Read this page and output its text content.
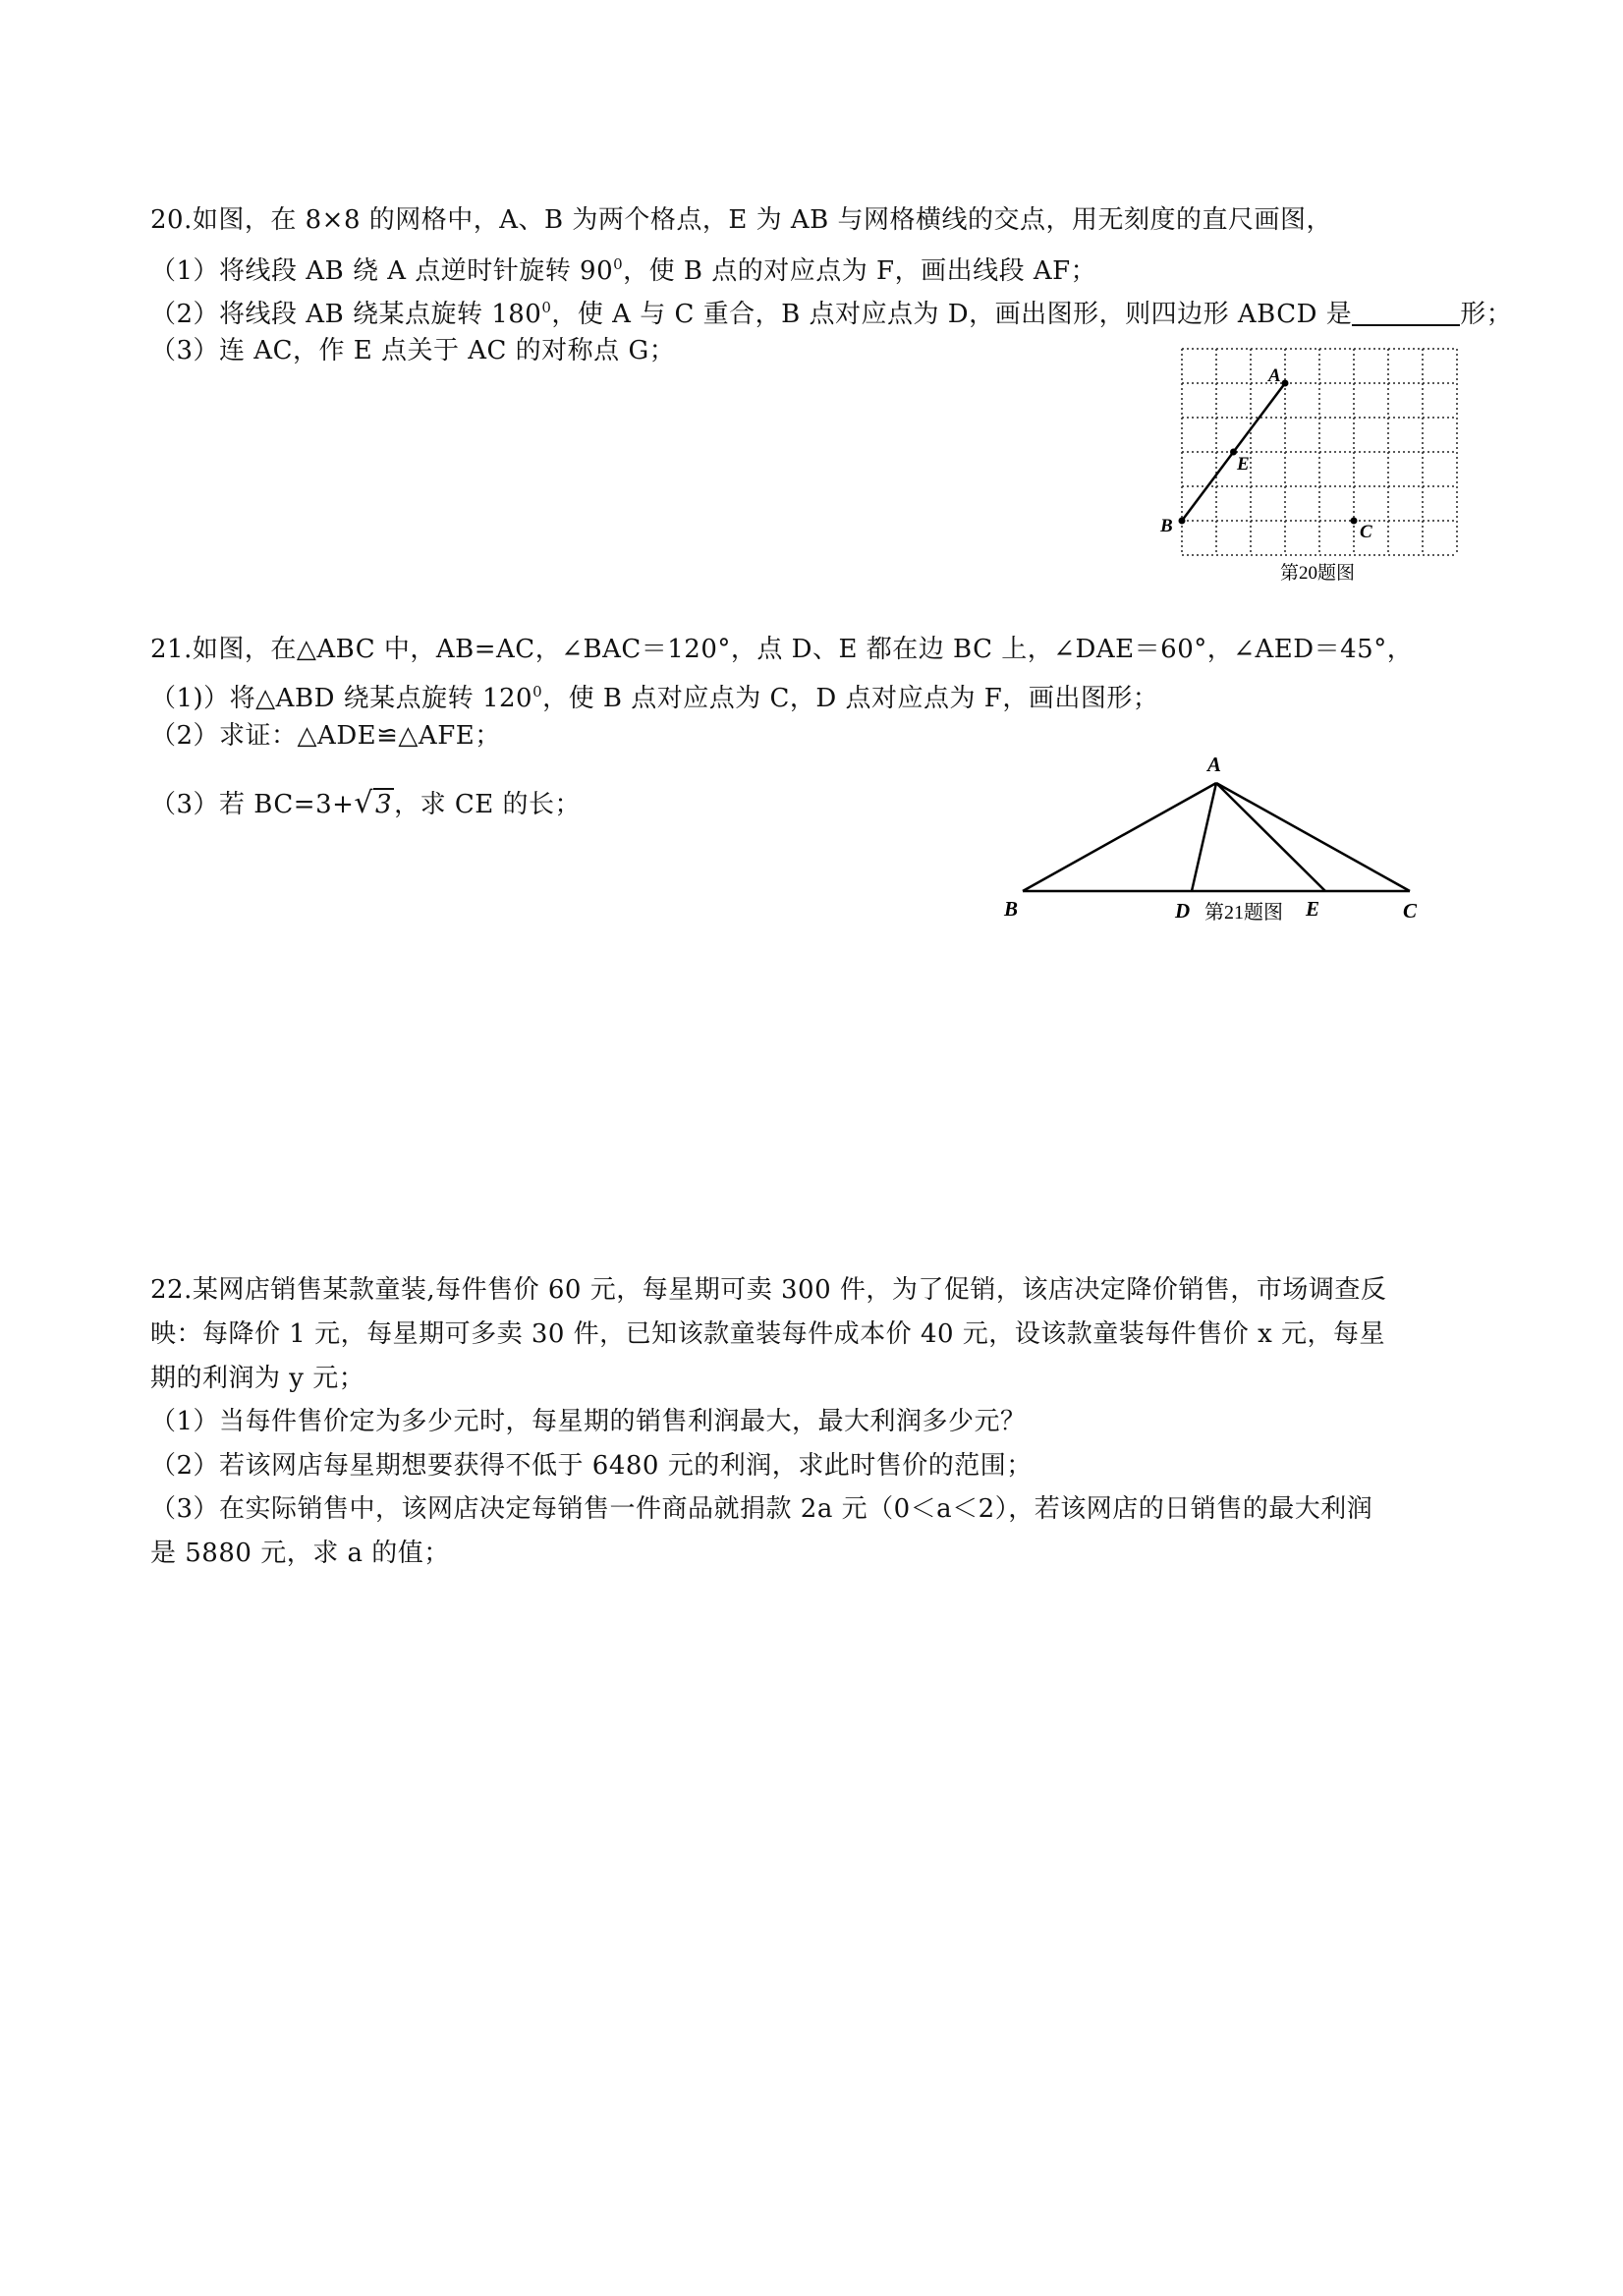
20.如图，在 8×8 的网格中，A、B 为两个格点，E 为 AB 与网格横线的交点，用无刻度的直尺画图，
（1）将线段 AB 绕 A 点逆时针旋转 $90^0$，使 B 点的对应点为 F，画出线段 AF；
（2）将线段 AB 绕某点旋转 $180^0$，使 A 与 C 重合，B 点对应点为 D，画出图形，则四边形 ABCD 是	形；
（3）连 AC，作 E 点关于 AC 的对称点 G；
A
E
B	C
第20题图
21.如图，在△ABC 中，AB=AC，∠BAC＝120°，点 D、E 都在边 BC 上，∠DAE＝60°，∠AED＝45°，
（1)）将△ABD 绕某点旋转 $120^0$，使 B 点对应点为 C，D 点对应点为 F，画出图形；
（2）求证：△ADE≌△AFE；
（3）若 BC=3+√3，求 CE 的长；
A
B	D 第21题图 E	C
22.某网店销售某款童装,每件售价 60 元，每星期可卖 300 件，为了促销，该店决定降价销售，市场调查反
映：每降价 1 元，每星期可多卖 30 件，已知该款童装每件成本价 40 元，设该款童装每件售价 x 元，每星
期的利润为 y 元；
（1）当每件售价定为多少元时，每星期的销售利润最大，最大利润多少元？
（2）若该网店每星期想要获得不低于 6480 元的利润，求此时售价的范围；
（3）在实际销售中，该网店决定每销售一件商品就捐款 2a 元（0＜a＜2），若该网店的日销售的最大利润
是 5880 元，求 a 的值；
